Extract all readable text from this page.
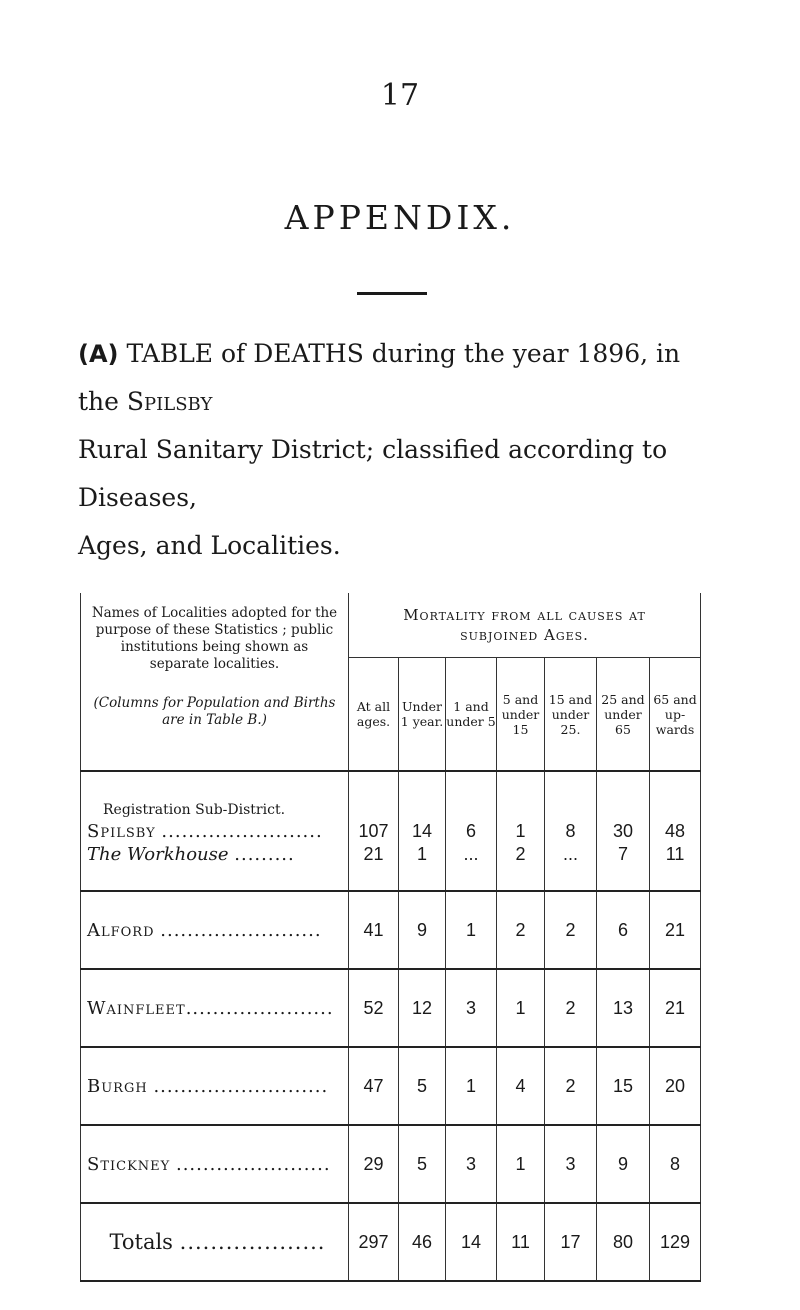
17
APPENDIX.
(A) TABLE of DEATHS during the year 1896, in the Spilsby
Rural Sanitary District; classified according to Diseases,
Ages, and Localities.
Names of Localities adopted for the purpose of these Statistics ; public institutions being shown as separate localities.
(Columns for Population and Births are in Table B.)	Mortality from all causes at
subjoined Ages.						
	At all ages.	Under 1 year.	1 and under 5	5 and under 15	15 and under 25.	25 and under 65	65 and up-wards
Registration Sub-District.							
Spilsby ........................	107	14	6	1	8	30	48
The Workhouse .........	21	1	...	2	...	7	11
Alford ........................	41	9	1	2	2	6	21
Wainfleet......................	52	12	3	1	2	13	21
Burgh ..........................	47	5	1	4	2	15	20
Stickney .......................	29	5	3	1	3	9	8
Totals ...................	297	46	14	11	17	80	129
